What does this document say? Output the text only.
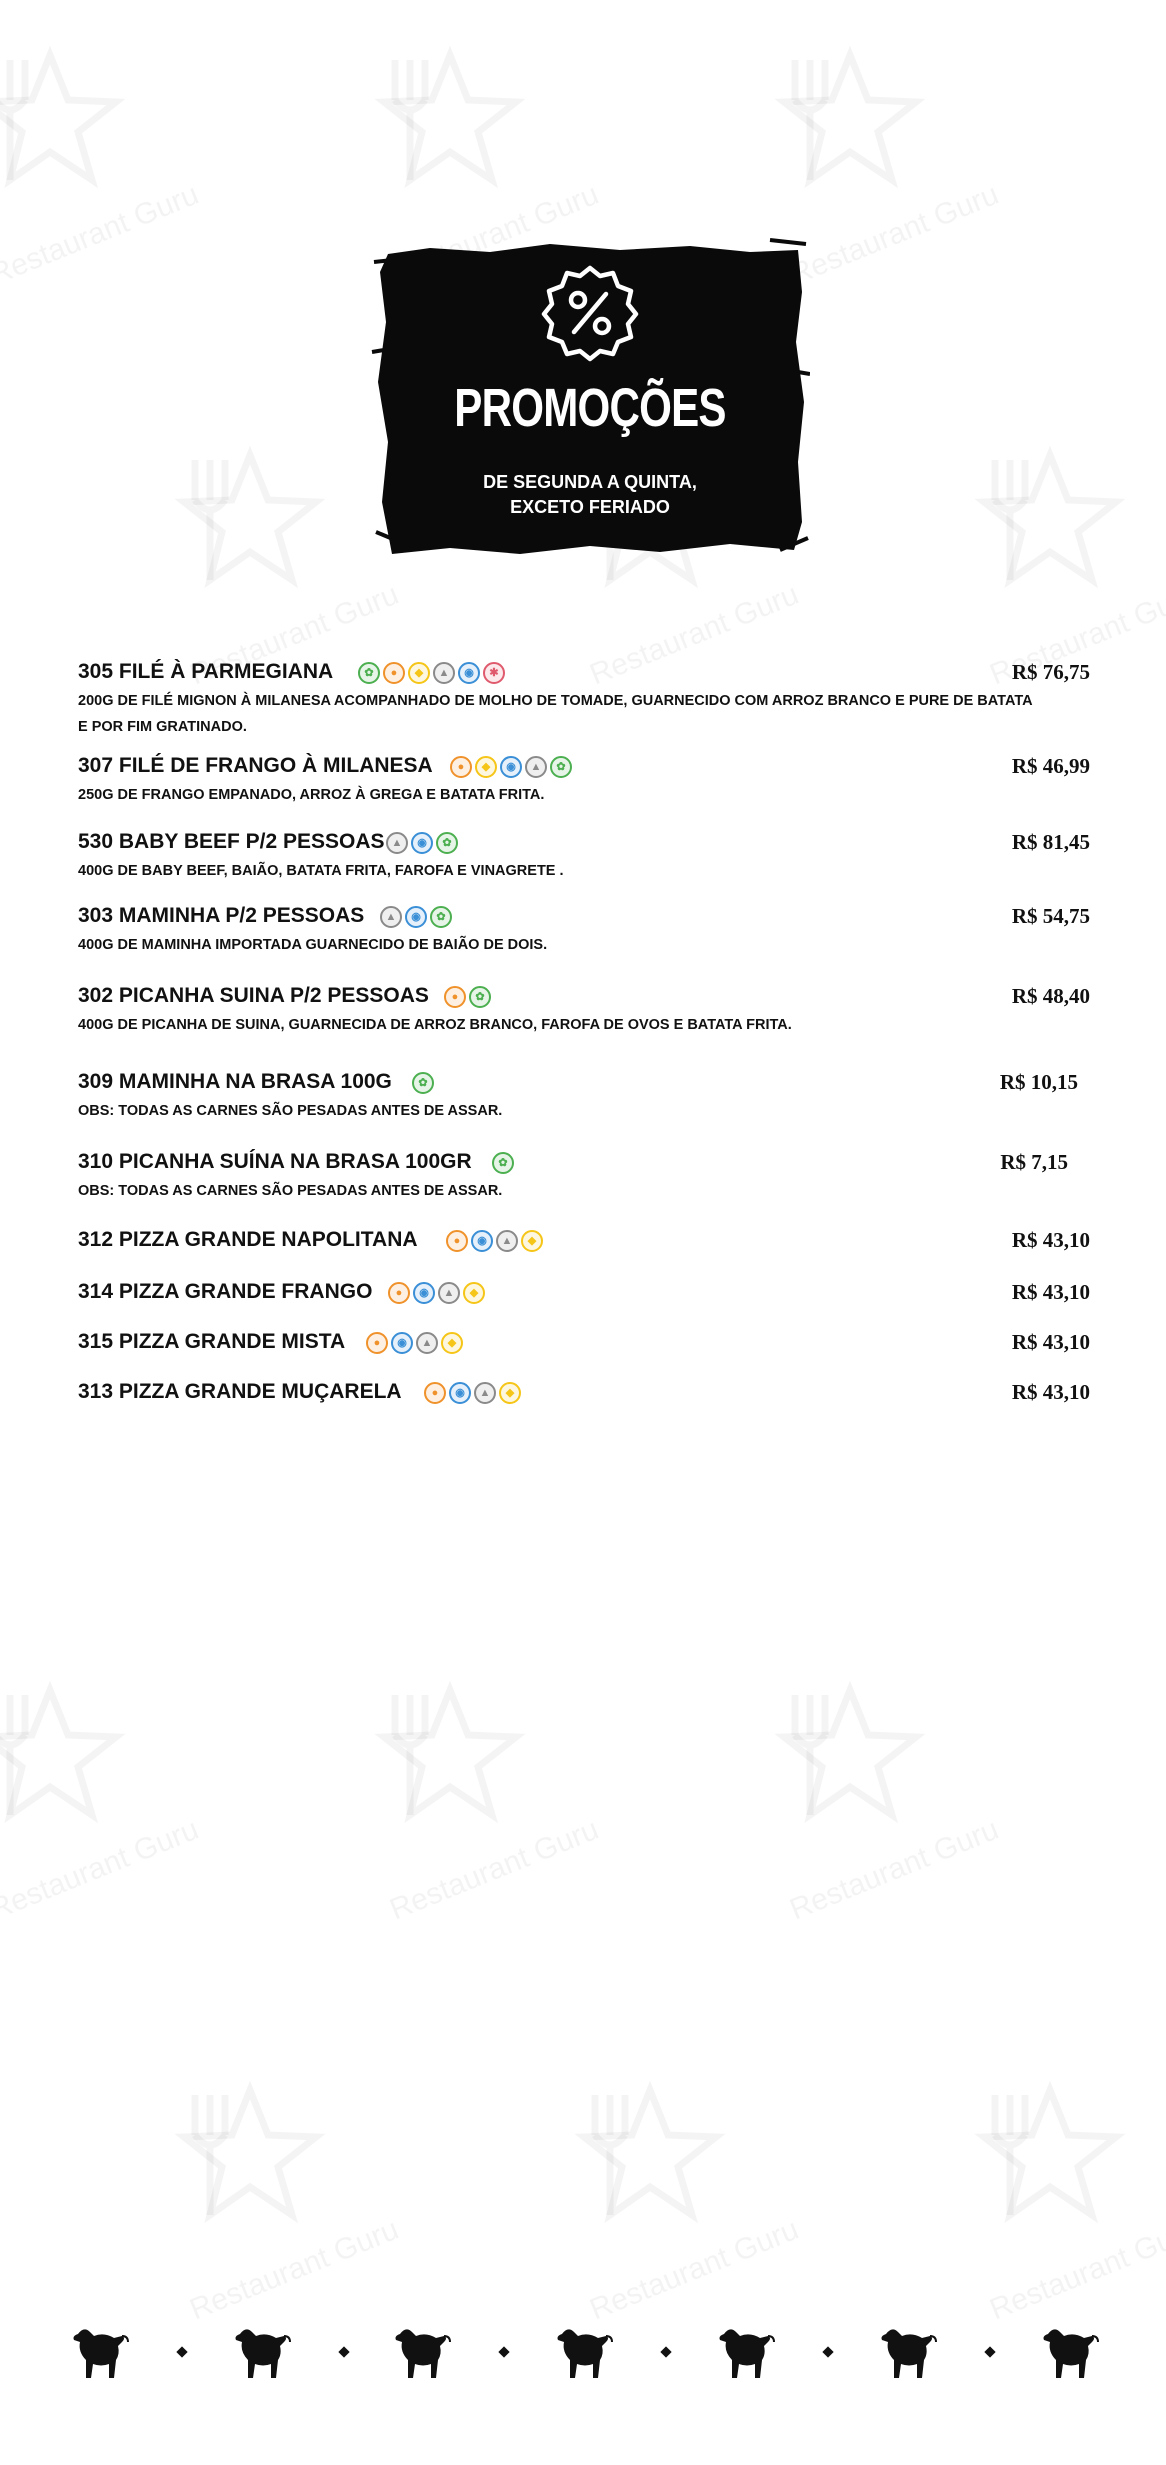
PROMOÇÕES
DE SEGUNDA A QUINTA,
EXCETO FERIADO
305 FILÉ À PARMEGIANA	✿	●	◆	▲	◉	✱	R$ 76,75
200G DE FILÉ MIGNON À MILANESA ACOMPANHADO DE MOLHO DE TOMADE, GUARNECIDO COM ARROZ BRANCO E PURE DE BATATA E POR FIM GRATINADO.
307 FILÉ DE FRANGO À MILANESA	●	◆	◉	▲	✿	R$ 46,99
250G DE FRANGO EMPANADO, ARROZ À GREGA E BATATA FRITA.
530 BABY BEEF P/2 PESSOAS ▲	◉	✿	R$ 81,45
400G DE BABY BEEF, BAIÃO, BATATA FRITA, FAROFA E VINAGRETE .
303 MAMINHA P/2 PESSOAS	▲	◉	✿	R$ 54,75
400G DE MAMINHA IMPORTADA GUARNECIDO DE BAIÃO DE DOIS.
302 PICANHA SUINA P/2 PESSOAS	●	✿	R$ 48,40
400G DE PICANHA DE SUINA, GUARNECIDA DE ARROZ BRANCO, FAROFA DE OVOS E BATATA FRITA.
309 MAMINHA NA BRASA 100G	✿	R$ 10,15
OBS: TODAS AS CARNES SÃO PESADAS ANTES DE ASSAR.
310 PICANHA SUÍNA NA BRASA 100GR	✿	R$ 7,15
OBS: TODAS AS CARNES SÃO PESADAS ANTES DE ASSAR.
312 PIZZA GRANDE NAPOLITANA	●	◉	▲	◆	R$ 43,10
314 PIZZA GRANDE FRANGO	●	◉	▲	◆	R$ 43,10
315 PIZZA GRANDE MISTA	●	◉	▲	◆	R$ 43,10
313 PIZZA GRANDE MUÇARELA	●	◉	▲	◆	R$ 43,10
